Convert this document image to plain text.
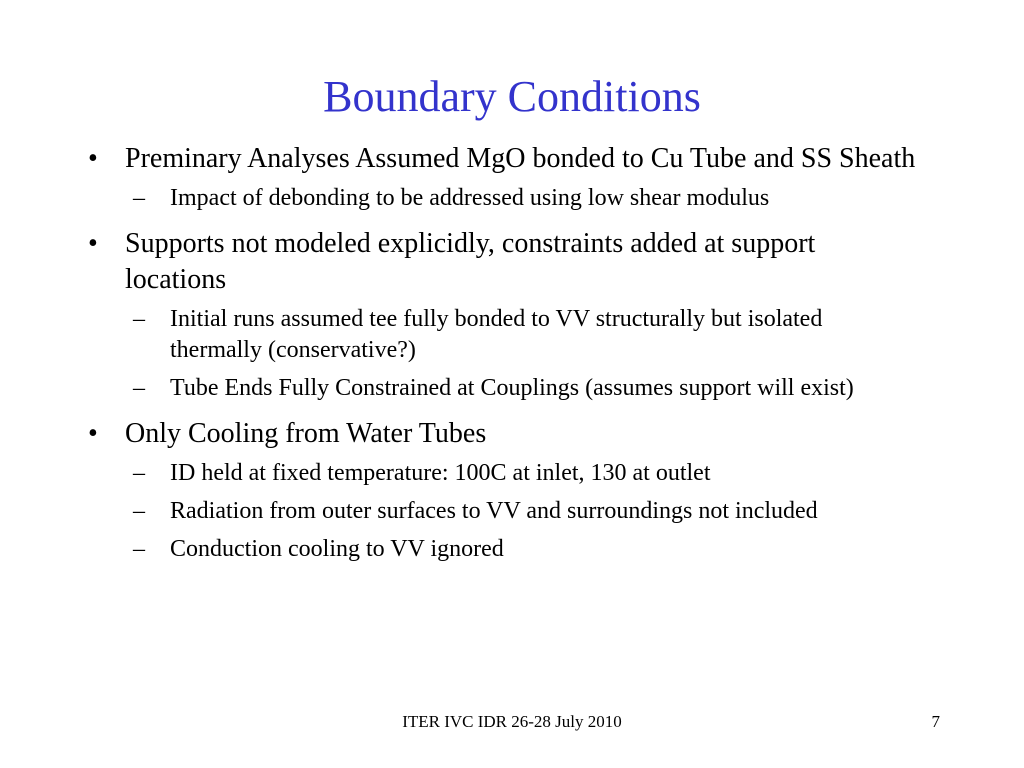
Boundary Conditions
• Preminary Analyses Assumed MgO bonded to Cu Tube and SS Sheath
– Impact of debonding to be addressed using low shear modulus
• Supports not modeled explicidly, constraints added at support locations
– Initial runs assumed tee fully bonded to VV structurally but isolated thermally (conservative?)
– Tube Ends Fully Constrained at Couplings (assumes support will exist)
• Only Cooling from Water Tubes
– ID held at fixed temperature: 100C at inlet, 130 at outlet
– Radiation from outer surfaces to VV and surroundings not included
– Conduction cooling to VV ignored
ITER IVC IDR 26-28 July 2010	7
